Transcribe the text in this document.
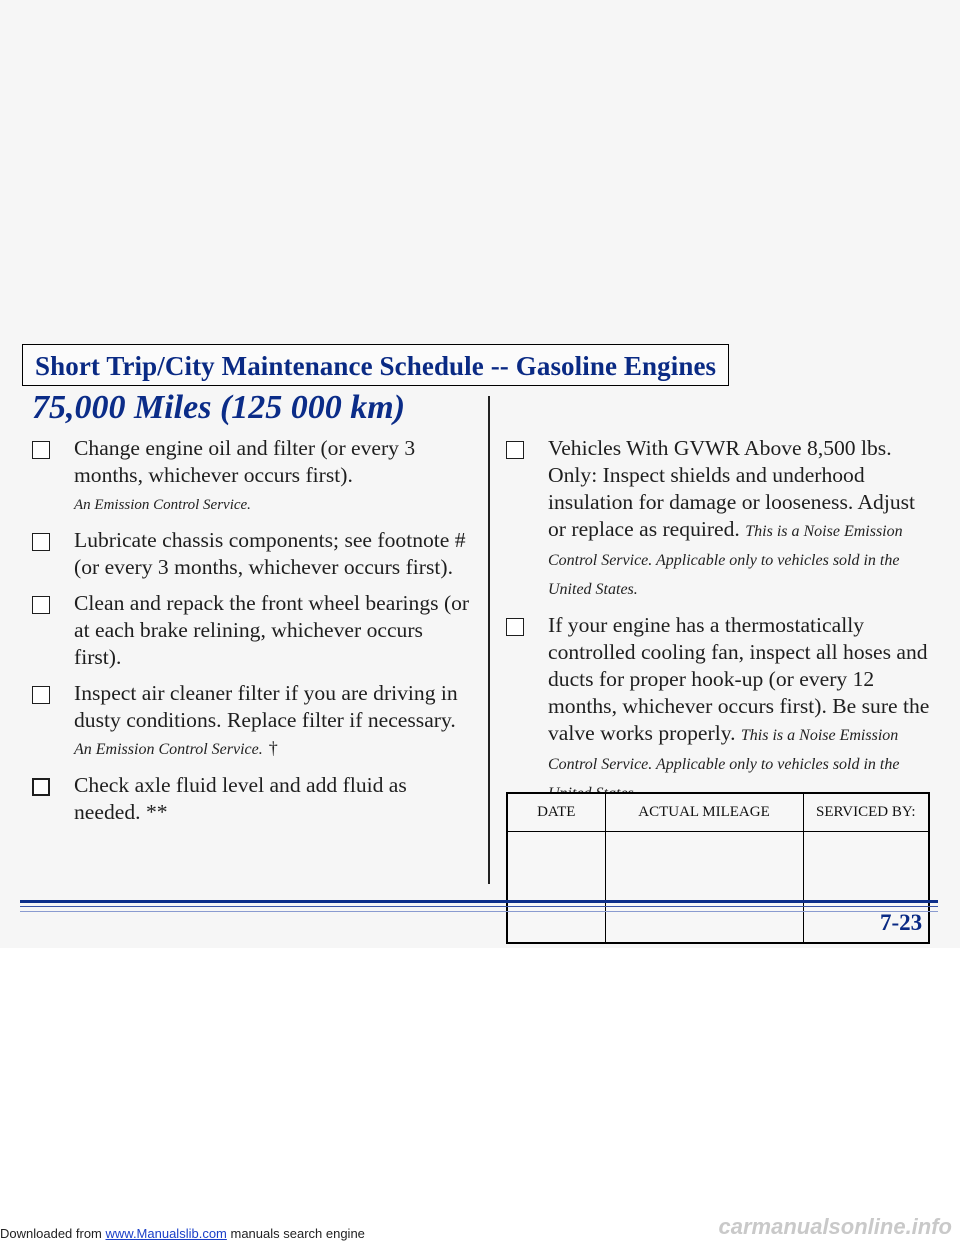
Short Trip/City Maintenance Schedule -- Gasoline Engines
75,000 Miles (125 000 km)
Change engine oil and filter (or every 3 months, whichever occurs first).
An Emission Control Service.
Lubricate chassis components; see footnote # (or every 3 months, whichever occurs first).
Clean and repack the front wheel bearings (or at each brake relining, whichever occurs first).
Inspect air cleaner filter if you are driving in dusty conditions. Replace filter if necessary. An Emission Control Service. †
Check axle fluid level and add fluid as needed. **
Vehicles With GVWR Above 8,500 lbs. Only: Inspect shields and underhood insulation for damage or looseness. Adjust or replace as required. This is a Noise Emission Control Service. Applicable only to vehicles sold in the United States.
If your engine has a thermostatically controlled cooling fan, inspect all hoses and ducts for proper hook-up (or every 12 months, whichever occurs first). Be sure the valve works properly. This is a Noise Emission Control Service. Applicable only to vehicles sold in the
DATE	ACTUAL MILEAGE	SERVICED BY:

7-23
Downloaded from www.Manualslib.com manuals search engine	carmanualsonline.info
